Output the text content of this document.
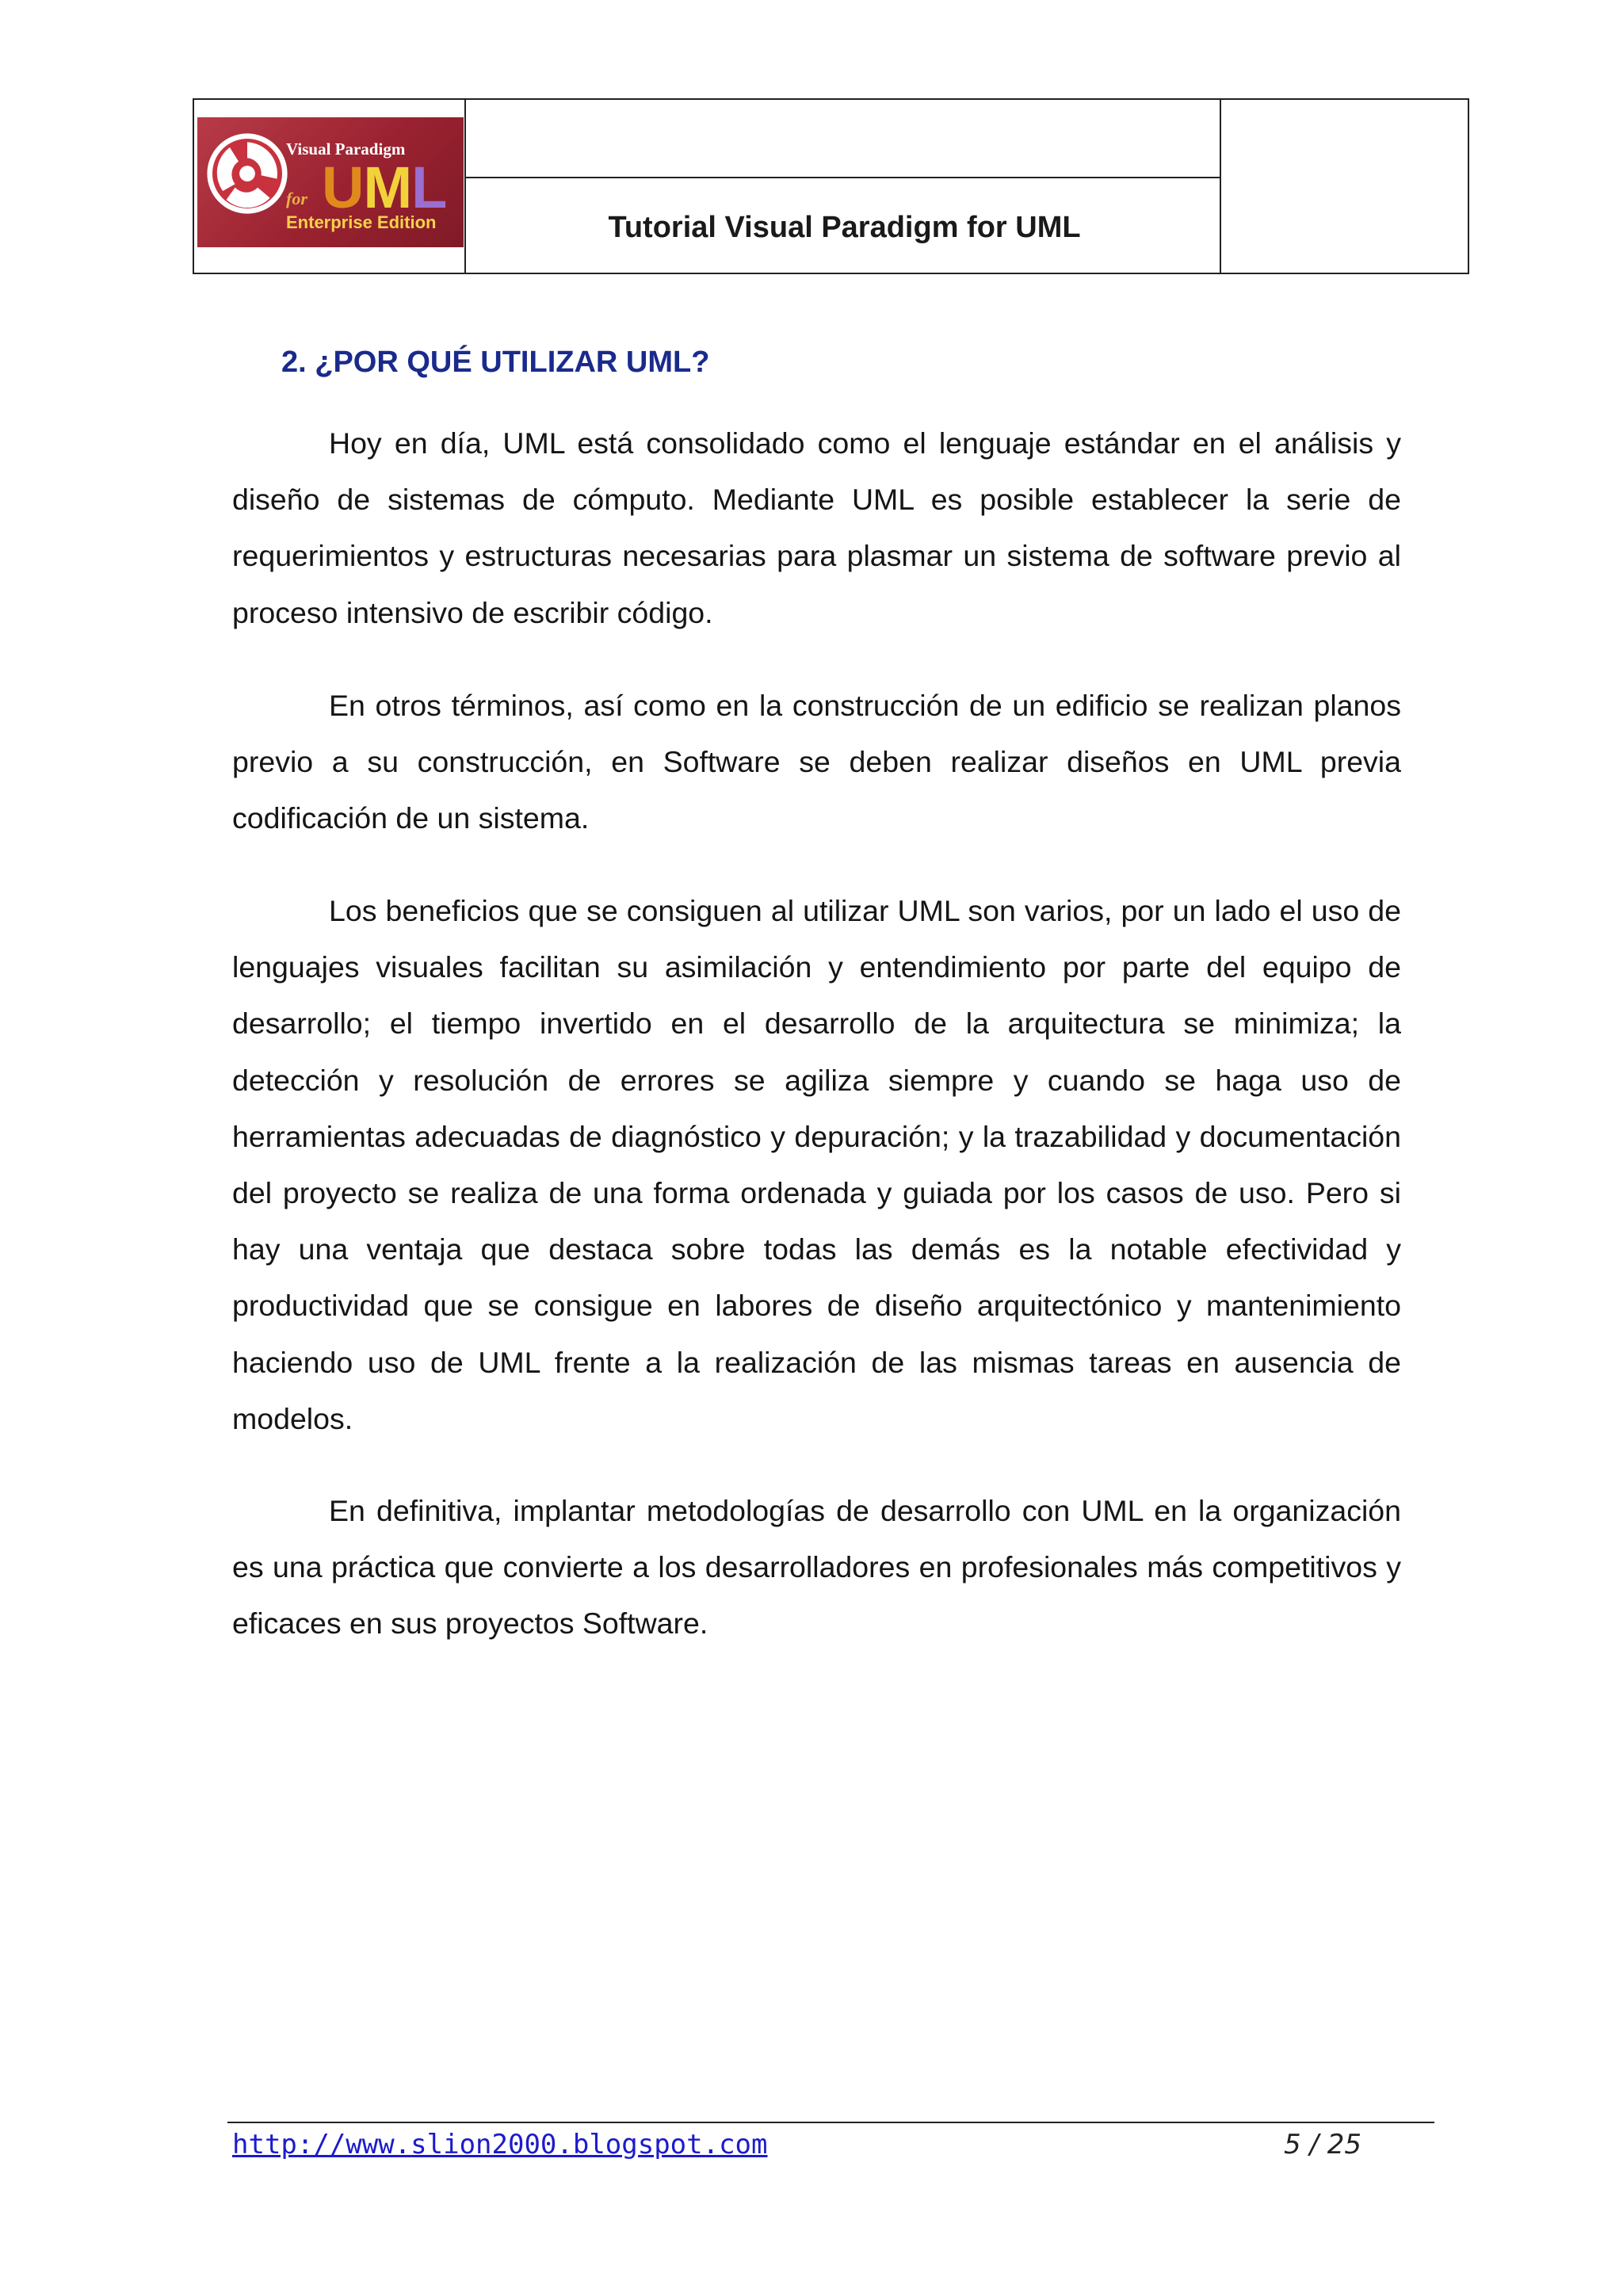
Visual Paradigm
for UML
Enterprise Edition	Tutorial Visual Paradigm for UML
2. ¿POR QUÉ UTILIZAR UML?

Hoy en día, UML está consolidado como el lenguaje estándar en el análisis y diseño de sistemas de cómputo. Mediante UML es posible establecer la serie de requerimientos y estructuras necesarias para plasmar un sistema de software previo al proceso intensivo de escribir código.

En otros términos, así como en la construcción de un edificio se realizan planos previo a su construcción, en Software se deben realizar diseños en UML previa codificación de un sistema.

Los beneficios que se consiguen al utilizar UML son varios, por un lado el uso de lenguajes visuales facilitan su asimilación y entendimiento por parte del equipo de desarrollo; el tiempo invertido en el desarrollo de la arquitectura se minimiza; la detección y resolución de errores se agiliza siempre y cuando se haga uso de herramientas adecuadas de diagnóstico y depuración; y la trazabilidad y documentación del proyecto se realiza de una forma ordenada y guiada por los casos de uso. Pero si hay una ventaja que destaca sobre todas las demás es la notable efectividad y productividad que se consigue en labores de diseño arquitectónico y mantenimiento haciendo uso de UML frente a la realización de las mismas tareas en ausencia de modelos.

En definitiva, implantar metodologías de desarrollo con UML en la organización es una práctica que convierte a los desarrolladores en profesionales más competitivos y eficaces en sus proyectos Software.

http://www.slion2000.blogspot.com	5 / 25
